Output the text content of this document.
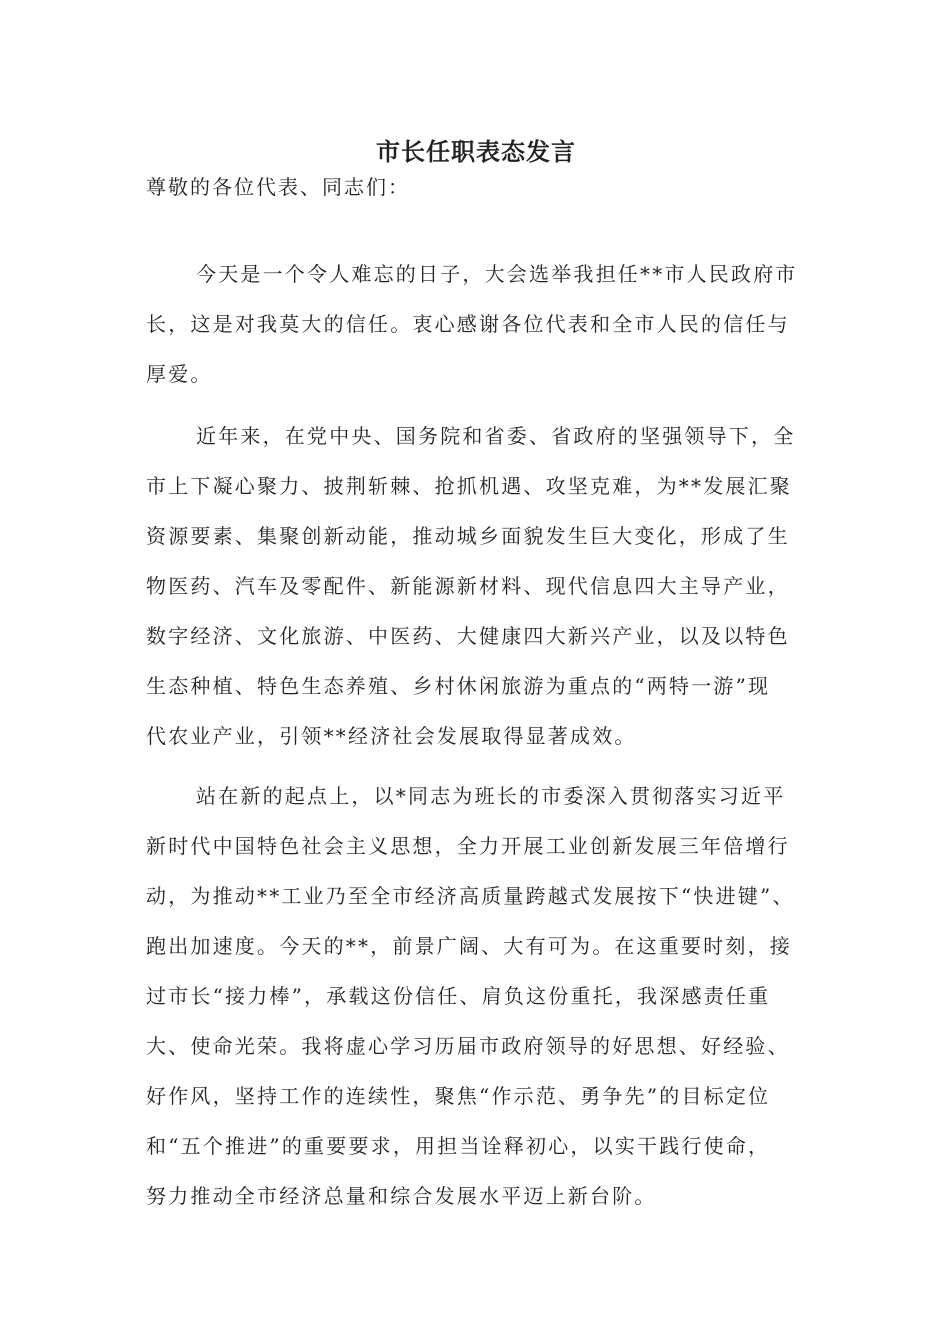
市长任职表态发言

尊敬的各位代表、同志们：

今天是一个令人难忘的日子，大会选举我担任**市人民政府市
长，这是对我莫大的信任。衷心感谢各位代表和全市人民的信任与
厚爱。
近年来，在党中央、国务院和省委、省政府的坚强领导下，全
市上下凝心聚力、披荆斩棘、抢抓机遇、攻坚克难，为**发展汇聚
资源要素、集聚创新动能，推动城乡面貌发生巨大变化，形成了生
物医药、汽车及零配件、新能源新材料、现代信息四大主导产业，
数字经济、文化旅游、中医药、大健康四大新兴产业，以及以特色
生态种植、特色生态养殖、乡村休闲旅游为重点的“两特一游”现
代农业产业，引领**经济社会发展取得显著成效。
站在新的起点上，以*同志为班长的市委深入贯彻落实习近平
新时代中国特色社会主义思想，全力开展工业创新发展三年倍增行
动，为推动**工业乃至全市经济高质量跨越式发展按下“快进键”、
跑出加速度。今天的**，前景广阔、大有可为。在这重要时刻，接
过市长“接力棒”，承载这份信任、肩负这份重托，我深感责任重
大、使命光荣。我将虚心学习历届市政府领导的好思想、好经验、
好作风，坚持工作的连续性，聚焦“作示范、勇争先”的目标定位
和“五个推进”的重要要求，用担当诠释初心，以实干践行使命，
努力推动全市经济总量和综合发展水平迈上新台阶。
